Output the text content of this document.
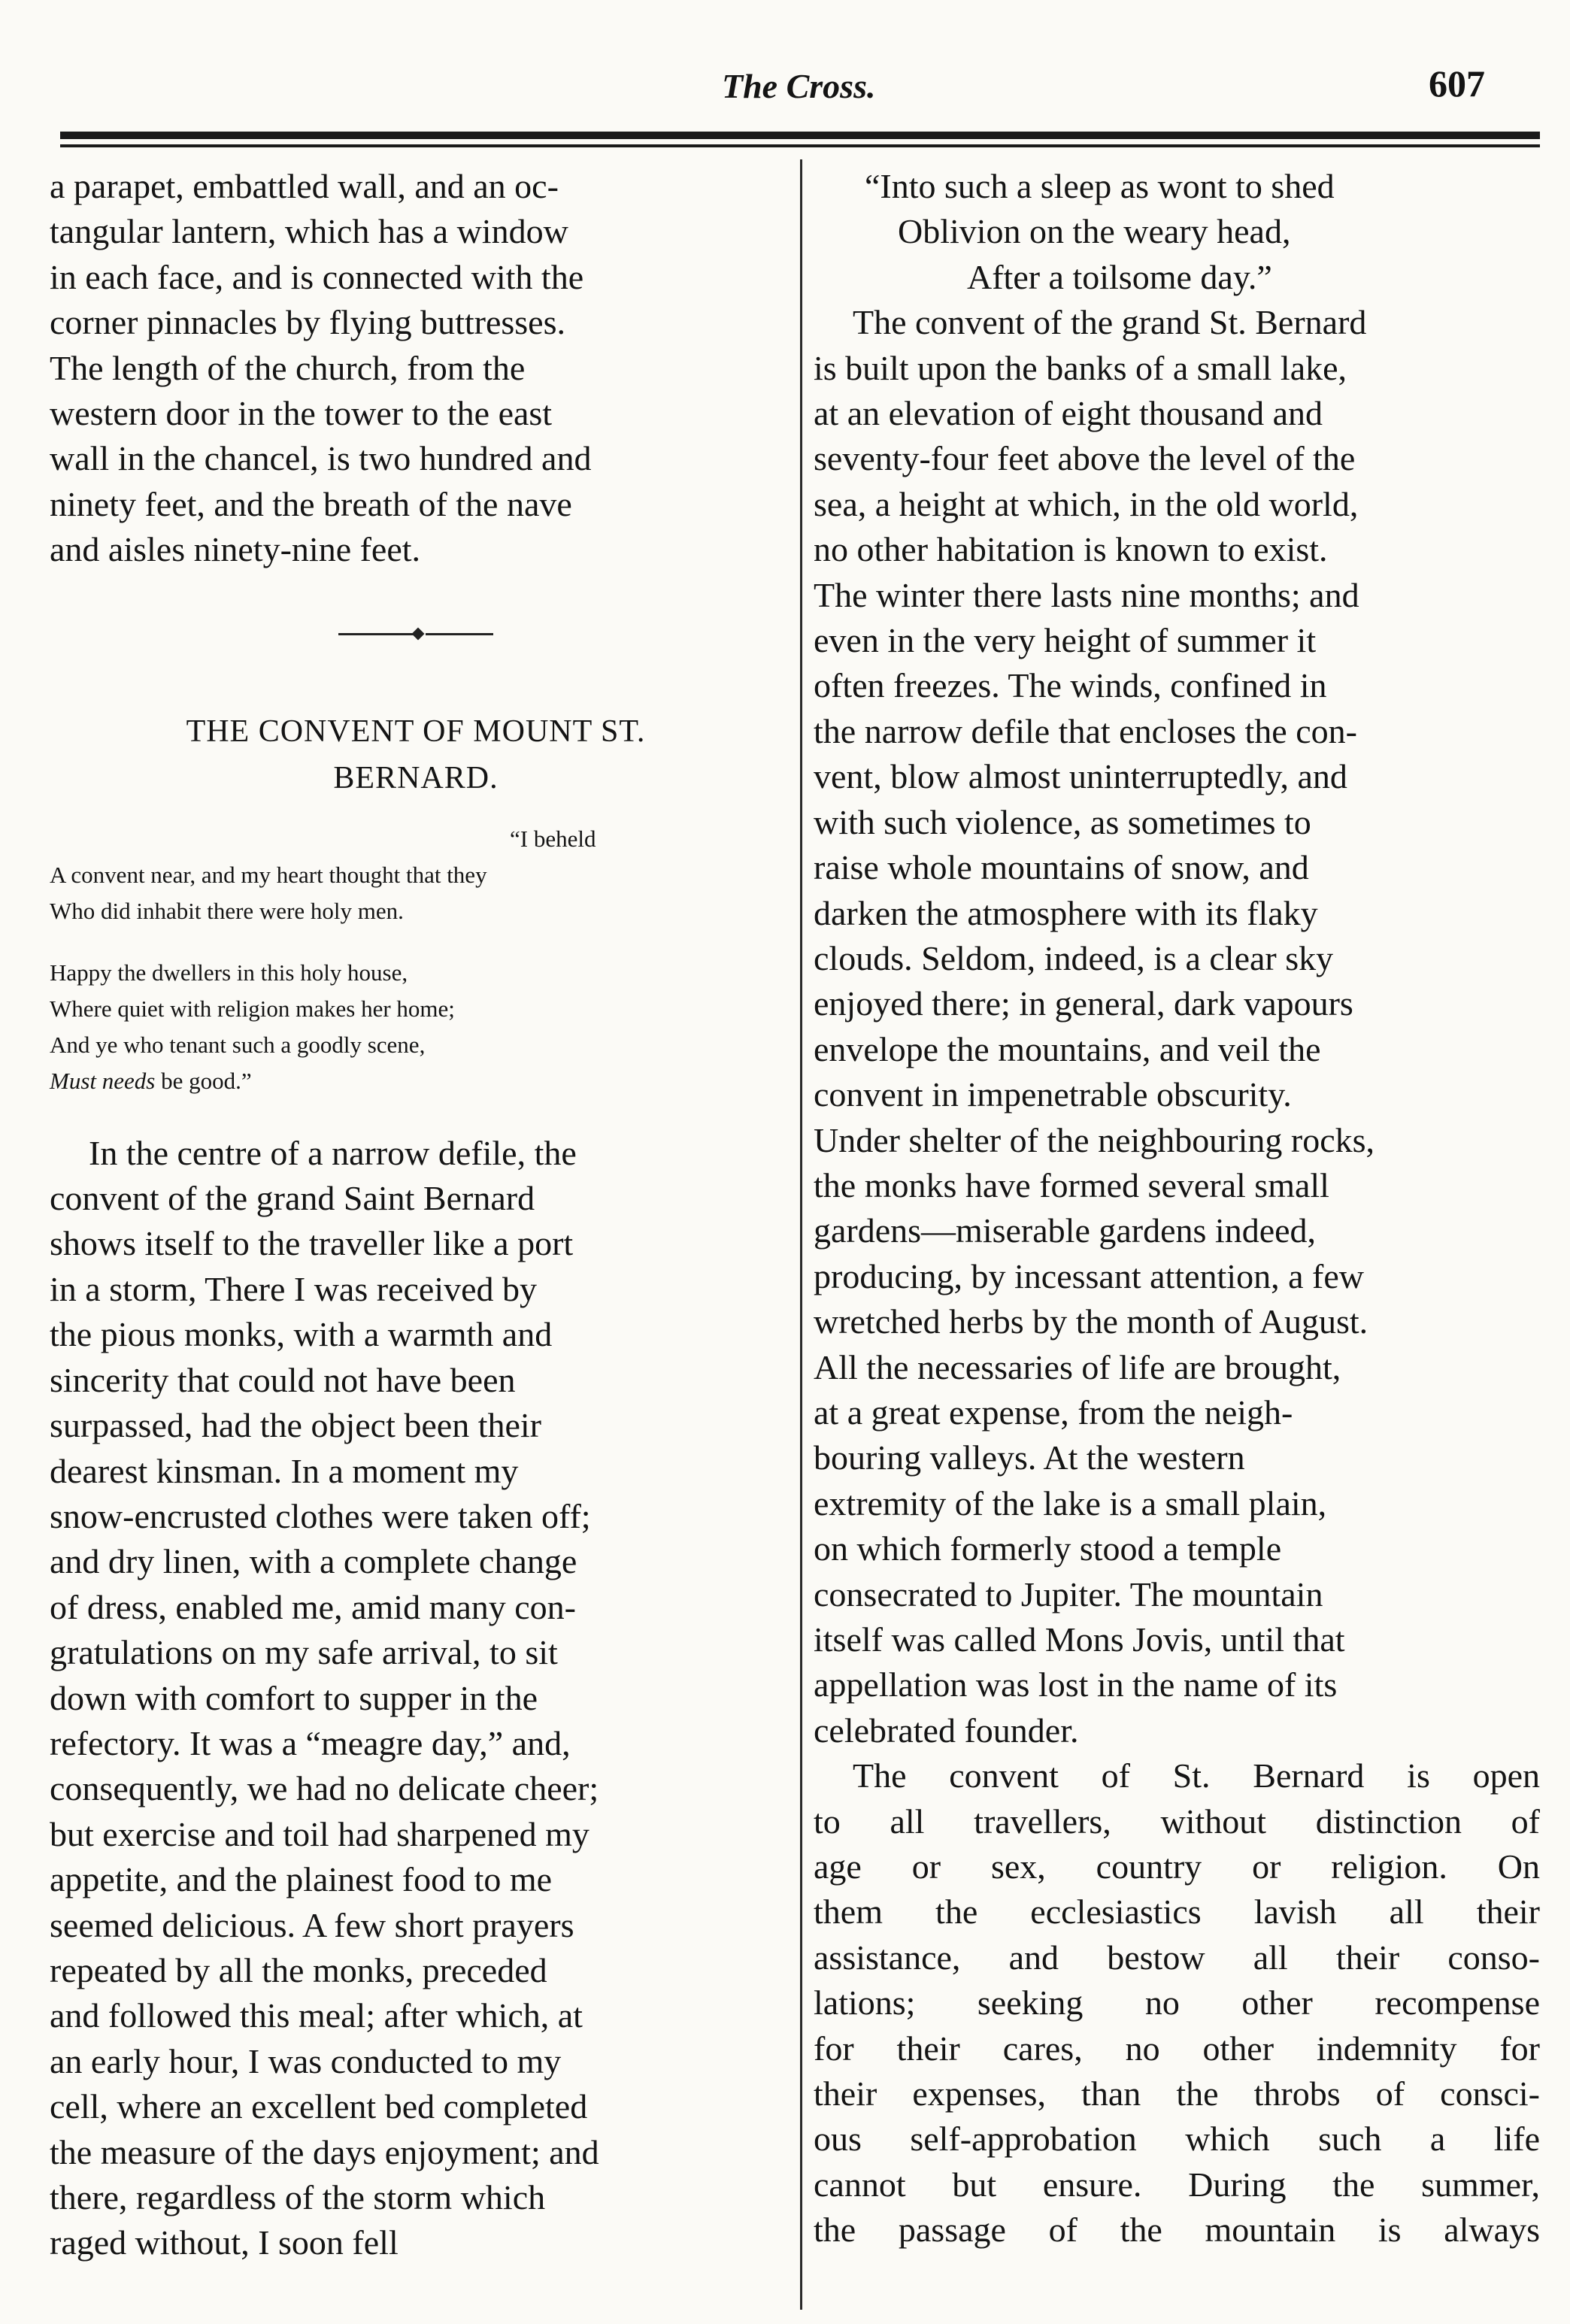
The Cross.	607

a parapet, embattled wall, and an oc-
tangular lantern, which has a window
in each face, and is connected with the
corner pinnacles by flying buttresses.
The length of the church, from the
western door in the tower to the east
wall in the chancel, is two hundred and
ninety feet, and the breath of the nave
and aisles ninety-nine feet.

THE CONVENT OF MOUNT ST.
BERNARD.
“I beheld
A convent near, and my heart thought that they
Who did inhabit there were holy men.
Happy the dwellers in this holy house,
Where quiet with religion makes her home;
And ye who tenant such a goodly scene,
Must needs be good.”

In the centre of a narrow defile, the
convent of the grand Saint Bernard
shows itself to the traveller like a port
in a storm, There I was received by
the pious monks, with a warmth and
sincerity that could not have been
surpassed, had the object been their
dearest kinsman. In a moment my
snow-encrusted clothes were taken off;
and dry linen, with a complete change
of dress, enabled me, amid many con-
gratulations on my safe arrival, to sit
down with comfort to supper in the
refectory. It was a “meagre day,” and,
consequently, we had no delicate cheer;
but exercise and toil had sharpened my
appetite, and the plainest food to me
seemed delicious. A few short prayers
repeated by all the monks, preceded
and followed this meal; after which, at
an early hour, I was conducted to my
cell, where an excellent bed completed
the measure of the days enjoyment; and
there, regardless of the storm which
raged without, I soon fell

“Into such a sleep as wont to shed
Oblivion on the weary head,
After a toilsome day.”

The convent of the grand St. Bernard
is built upon the banks of a small lake,
at an elevation of eight thousand and
seventy-four feet above the level of the
sea, a height at which, in the old world,
no other habitation is known to exist.
The winter there lasts nine months; and
even in the very height of summer it
often freezes. The winds, confined in
the narrow defile that encloses the con-
vent, blow almost uninterruptedly, and
with such violence, as sometimes to
raise whole mountains of snow, and
darken the atmosphere with its flaky
clouds. Seldom, indeed, is a clear sky
enjoyed there; in general, dark vapours
envelope the mountains, and veil the
convent in impenetrable obscurity.
Under shelter of the neighbouring rocks,
the monks have formed several small
gardens—miserable gardens indeed,
producing, by incessant attention, a few
wretched herbs by the month of August.
All the necessaries of life are brought,
at a great expense, from the neigh-
bouring valleys. At the western
extremity of the lake is a small plain,
on which formerly stood a temple
consecrated to Jupiter. The mountain
itself was called Mons Jovis, until that
appellation was lost in the name of its
celebrated founder.

The convent of St. Bernard is open
to all travellers, without distinction of
age or sex, country or religion. On
them the ecclesiastics lavish all their
assistance, and bestow all their conso-
lations; seeking no other recompense
for their cares, no other indemnity for
their expenses, than the throbs of consci-
ous self-approbation which such a life
cannot but ensure. During the summer,
the passage of the mountain is always
